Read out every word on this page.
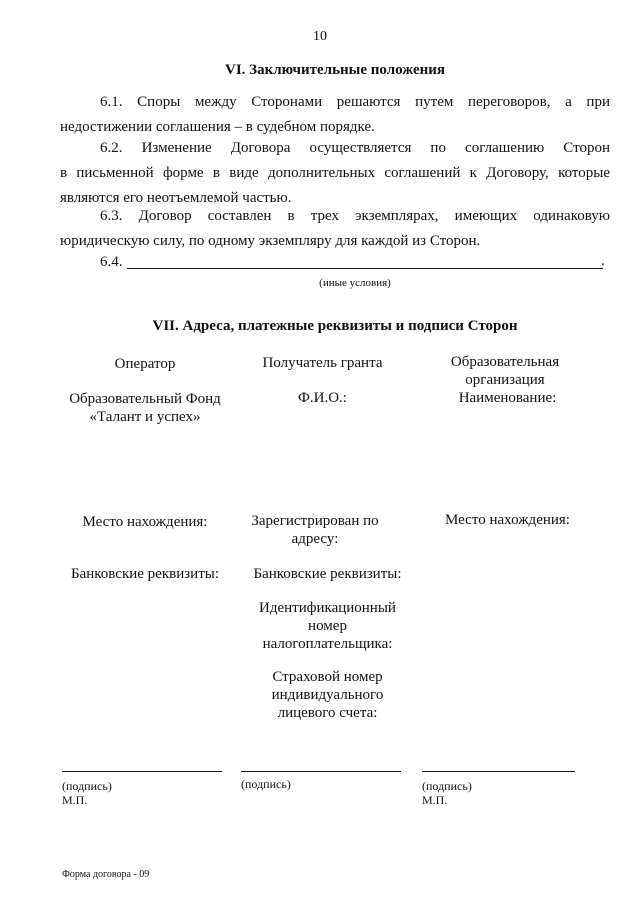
10
VI. Заключительные положения
6.1. Споры между Сторонами решаются путем переговоров, а при
недостижении соглашения – в судебном порядке.
6.2. Изменение Договора осуществляется по соглашению Сторон
в письменной форме в виде дополнительных соглашений к Договору, которые
являются его неотъемлемой частью.
6.3. Договор составлен в трех экземплярах, имеющих одинаковую
юридическую силу, по одному экземпляру для каждой из Сторон.
6.4.	.
(иные условия)
VII. Адреса, платежные реквизиты и подписи Сторон
Оператор
Образовательный Фонд «Талант и успех»
Место нахождения:
Банковские реквизиты:
Получатель гранта
Ф.И.О.:
Зарегистрирован по адресу:
Банковские реквизиты:
Идентификационный номер налогоплательщика:
Страховой номер индивидуального лицевого счета:
Образовательная организация
Наименование:
Место нахождения:
(подпись)
М.П.
(подпись)	(подпись)
М.П.
Форма договора - 09
